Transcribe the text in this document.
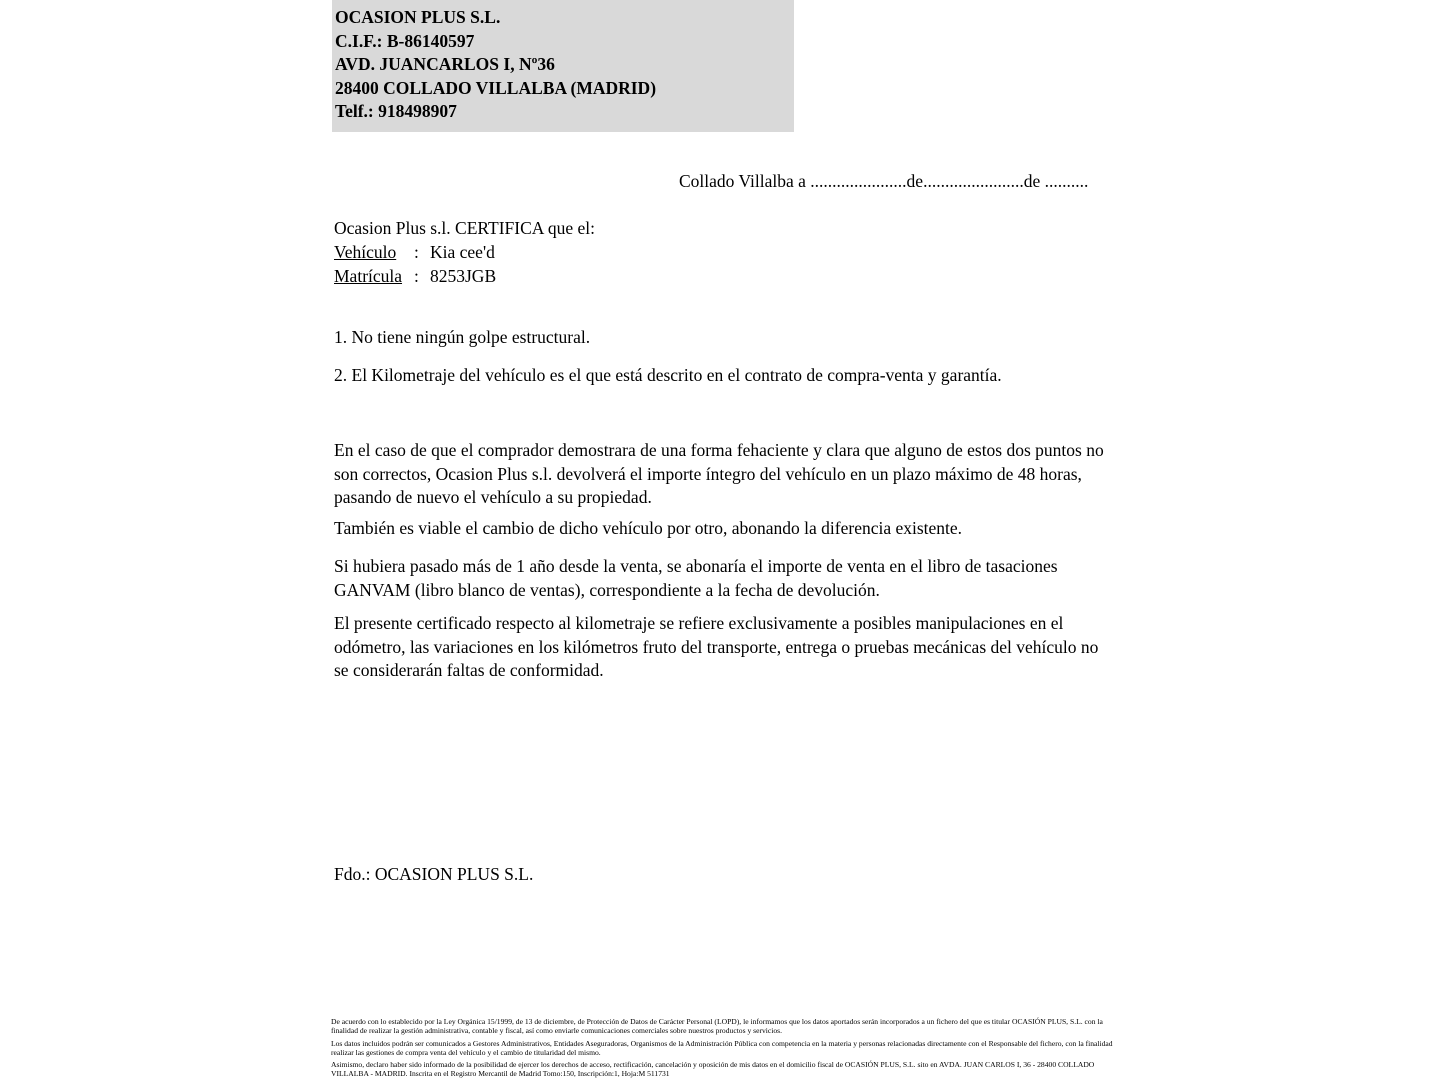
OCASION PLUS S.L.
C.I.F.: B-86140597
AVD. JUANCARLOS I, Nº36
28400 COLLADO VILLALBA (MADRID)
Telf.: 918498907
Collado Villalba a ......................de.......................de ..........
Ocasion Plus s.l. CERTIFICA que el:
Vehículo : Kia cee'd
Matrícula : 8253JGB
1. No tiene ningún golpe estructural.
2. El Kilometraje del vehículo es el que está descrito en el contrato de compra-venta y garantía.
En el caso de que el comprador demostrara de una forma fehaciente y clara que alguno de estos dos puntos no son correctos, Ocasion Plus s.l. devolverá el importe íntegro del vehículo en un plazo máximo de 48 horas, pasando de nuevo el vehículo a su propiedad.
También es viable el cambio de dicho vehículo por otro, abonando la diferencia existente.
Si hubiera pasado más de 1 año desde la venta, se abonaría el importe de venta en el libro de tasaciones GANVAM (libro blanco de ventas), correspondiente a la fecha de devolución.
El presente certificado respecto al kilometraje se refiere exclusivamente a posibles manipulaciones en el odómetro, las variaciones en los kilómetros fruto del transporte, entrega o pruebas mecánicas del vehículo no se considerarán faltas de conformidad.
Fdo.: OCASION PLUS S.L.

De acuerdo con lo establecido por la Ley Orgánica 15/1999, de 13 de diciembre, de Protección de Datos de Carácter Personal (LOPD), le informamos que los datos aportados serán incorporados a un fichero del que es titular OCASIÓN PLUS, S.L. con la finalidad de realizar la gestión administrativa, contable y fiscal, así como enviarle comunicaciones comerciales sobre nuestros productos y servicios.

Los datos incluidos podrán ser comunicados a Gestores Administrativos, Entidades Aseguradoras, Organismos de la Administración Pública con competencia en la materia y personas relacionadas directamente con el Responsable del fichero, con la finalidad realizar las gestiones de compra venta del vehículo y el cambio de titularidad del mismo.

Asimismo, declaro haber sido informado de la posibilidad de ejercer los derechos de acceso, rectificación, cancelación y oposición de mis datos en el domicilio fiscal de OCASIÓN PLUS, S.L. sito en AVDA. JUAN CARLOS I, 36 - 28400 COLLADO VILLALBA - MADRID. Inscrita en el Registro Mercantil de Madrid Tomo:150, Inscripción:1, Hoja:M 511731
